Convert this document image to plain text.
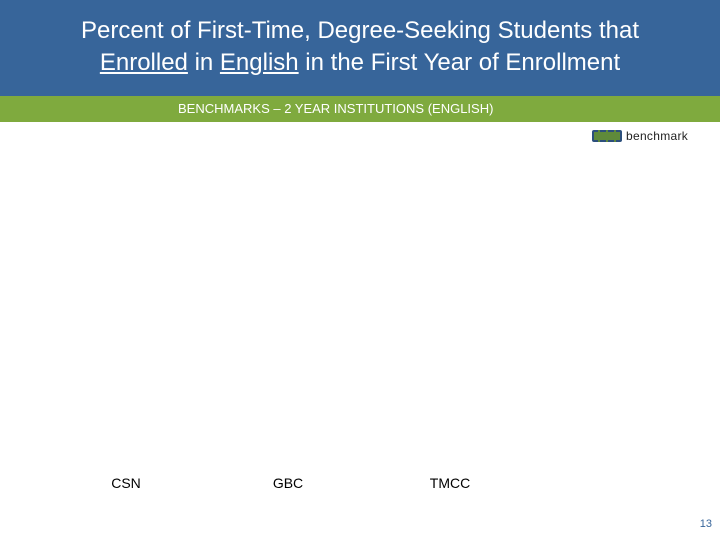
Percent of First-Time, Degree-Seeking Students that
Enrolled in English in the First Year of Enrollment
BENCHMARKS – 2 YEAR INSTITUTIONS (ENGLISH)
benchmark
CSN	GBC	TMCC
13
